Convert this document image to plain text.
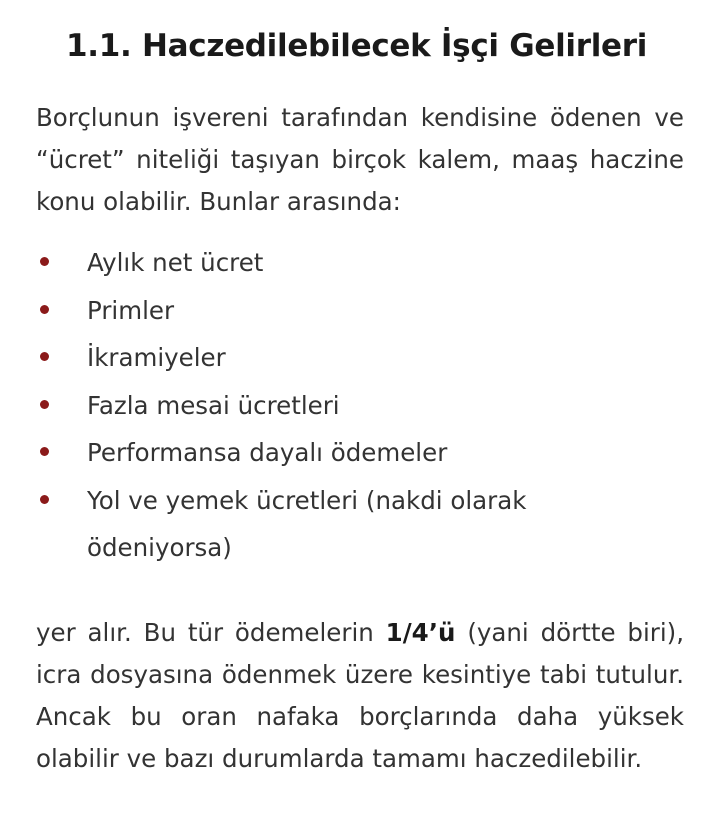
1.1. Haczedilebilecek İşçi Gelirleri

Borçlunun işvereni tarafından kendisine ödenen ve “ücret” niteliği taşıyan birçok kalem, maaş haczine konu olabilir. Bunlar arasında:

Aylık net ücret
Primler
İkramiyeler
Fazla mesai ücretleri
Performansa dayalı ödemeler
Yol ve yemek ücretleri (nakdi olarak ödeniyorsa)

yer alır. Bu tür ödemelerin 1/4’ü (yani dörtte biri), icra dosyasına ödenmek üzere kesintiye tabi tutulur. Ancak bu oran nafaka borçlarında daha yüksek olabilir ve bazı durumlarda tamamı haczedilebilir.
